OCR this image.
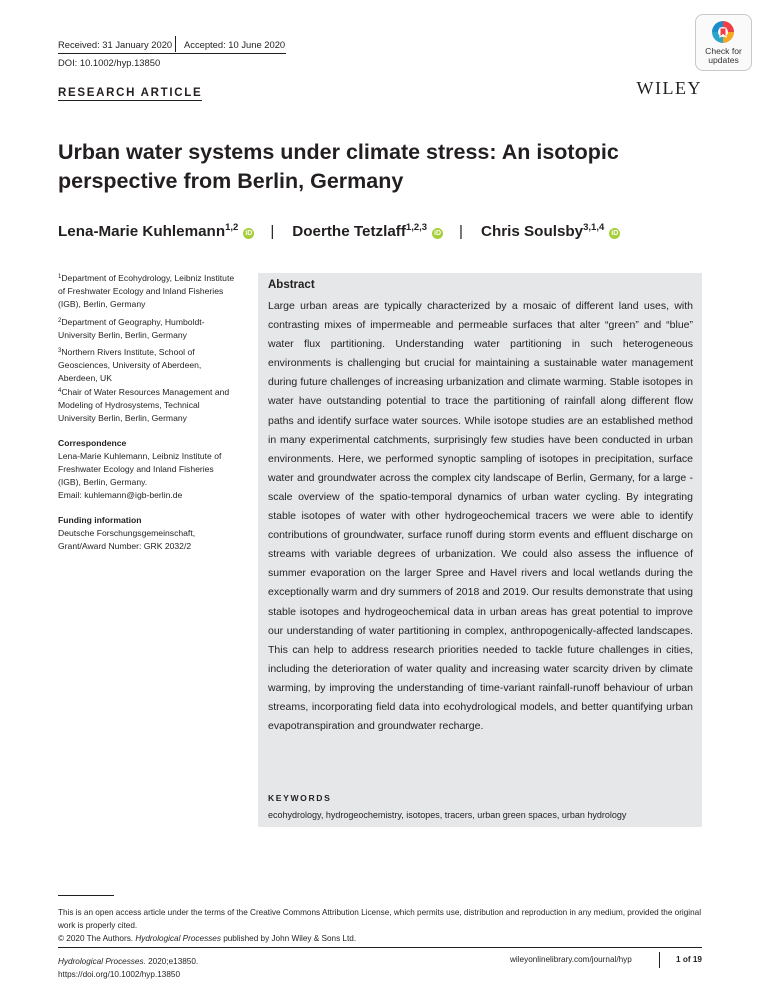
Received: 31 January 2020 Accepted: 10 June 2020
DOI: 10.1002/hyp.13850
Check for
updates
WILEY
RESEARCH ARTICLE
Urban water systems under climate stress: An isotopic perspective from Berlin, Germany
Lena-Marie Kuhlemann$^{1,2}$iD | Doerthe Tetzlaff$^{1,2,3}$iD | Chris Soulsby$^{3,1,4}$iD
$^1$Department of Ecohydrology, Leibniz Institute of Freshwater Ecology and Inland Fisheries (IGB), Berlin, Germany
$^2$Department of Geography, Humboldt-University Berlin, Berlin, Germany
$^3$Northern Rivers Institute, School of Geosciences, University of Aberdeen, Aberdeen, UK
$^4$Chair of Water Resources Management and Modeling of Hydrosystems, Technical University Berlin, Berlin, Germany
Correspondence
Lena-Marie Kuhlemann, Leibniz Institute of Freshwater Ecology and Inland Fisheries (IGB), Berlin, Germany.
Email: kuhlemann@igb-berlin.de
Funding information
Deutsche Forschungsgemeinschaft, Grant/Award Number: GRK 2032/2
Abstract
Large urban areas are typically characterized by a mosaic of different land uses, with contrasting mixes of impermeable and permeable surfaces that alter “green” and “blue” water flux partitioning. Understanding water partitioning in such heterogeneous environments is challenging but crucial for maintaining a sustainable water management during future challenges of increasing urbanization and climate warming. Stable isotopes in water have outstanding potential to trace the partitioning of rainfall along different flow paths and identify surface water sources. While isotope studies are an established method in many experimental catchments, surprisingly few studies have been conducted in urban environments. Here, we performed synoptic sampling of isotopes in precipitation, surface water and groundwater across the complex city landscape of Berlin, Germany, for a large -scale overview of the spatio-temporal dynamics of urban water cycling. By integrating stable isotopes of water with other hydrogeochemical tracers we were able to identify contributions of groundwater, surface runoff during storm events and effluent discharge on streams with variable degrees of urbanization. We could also assess the influence of summer evaporation on the larger Spree and Havel rivers and local wetlands during the exceptionally warm and dry summers of 2018 and 2019. Our results demonstrate that using stable isotopes and hydrogeochemical data in urban areas has great potential to improve our understanding of water partitioning in complex, anthropogenically-affected landscapes. This can help to address research priorities needed to tackle future challenges in cities, including the deterioration of water quality and increasing water scarcity driven by climate warming, by improving the understanding of time-variant rainfall-runoff behaviour of urban streams, incorporating field data into ecohydrological models, and better quantifying urban evapotranspiration and groundwater recharge.
KEYWORDS
ecohydrology, hydrogeochemistry, isotopes, tracers, urban green spaces, urban hydrology
This is an open access article under the terms of the Creative Commons Attribution License, which permits use, distribution and reproduction in any medium, provided the original work is properly cited.
© 2020 The Authors. Hydrological Processes published by John Wiley & Sons Ltd.
Hydrological Processes. 2020;e13850.
https://doi.org/10.1002/hyp.13850
wileyonlinelibrary.com/journal/hyp	1 of 19
